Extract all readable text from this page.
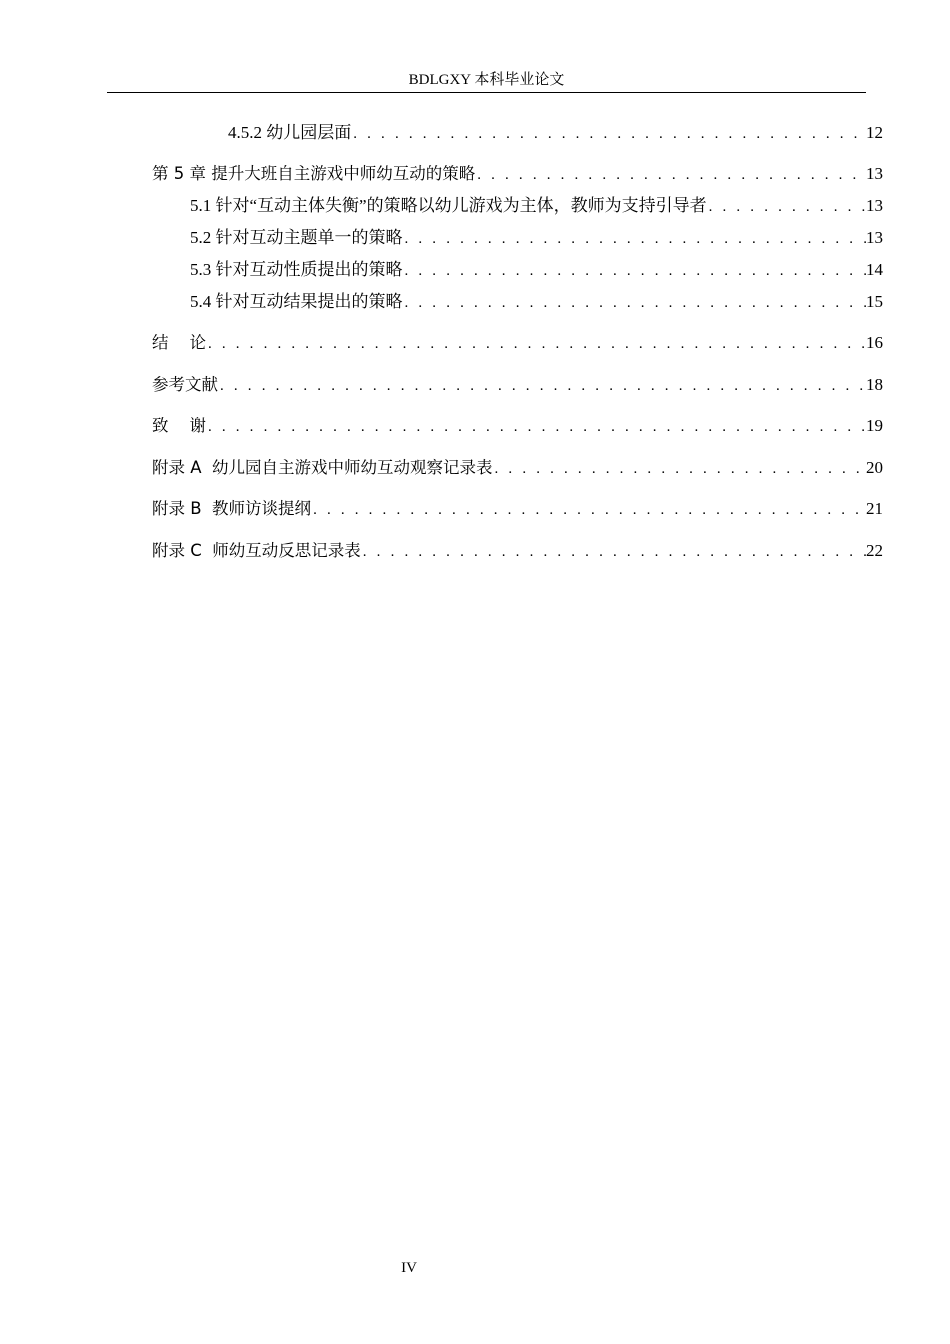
BDLGXY 本科毕业论文
4.5.2 幼儿园层面 . . .	12
第 5 章 提升大班自主游戏中师幼互动的策略 . . .	13
5.1 针对“互动主体失衡”的策略以幼儿游戏为主体，教师为支持引导者 . . .	13
5.2 针对互动主题单一的策略 . . .	13
5.3 针对互动性质提出的策略 . . .	14
5.4 针对互动结果提出的策略 . . .	15
结    论 . . .	16
参考文献 . . .	18
致    谢 . . .	19
附录 A  幼儿园自主游戏中师幼互动观察记录表 . . .	20
附录 B  教师访谈提纲 . . .	21
附录 C  师幼互动反思记录表 . . .	22
IV
